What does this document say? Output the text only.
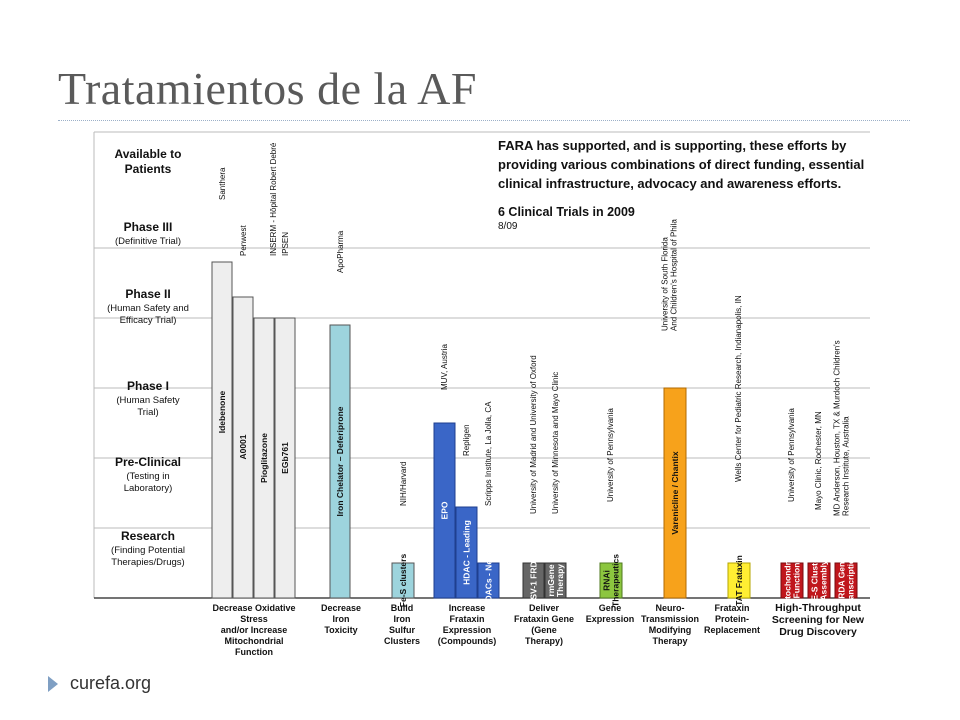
Tratamientos de la AF
Research
(Finding Potential Therapies/Drugs)
Pre-Clinical
(Testing in Laboratory)
Phase I
(Human Safety Trial)
Phase II
(Human Safety and Efficacy Trial)
Phase III
(Definitive Trial)
Available to
Patients
FARA has supported, and is supporting, these efforts by providing various combinations of direct funding, essential clinical infrastructure, advocacy and awareness efforts.
6 Clinical Trials in 2009
8/09
Idebenone
A0001 Pioglitazone EGb761	Iron Chelator – Deferiprone
Fe-S clusters
EPO
HDAC - Leading HDACs - New	HSV-1 FRDA rmGeneTherapy	RNAiTherapeutics
Varenicline / Chantix
TAT Frataxin	MitochondrialFunction FE-S ClusterAssembly FRDA GeneTranscription
Santhera
Penwest	INSERM - Hôpital Robert Debré IPSEN	ApoPharma
NIH/Harvard
MUV, Austria
Repligen Scripps Institute, La Jolla, CA	University of Madrid and University of Oxford University of Minnesota and Mayo Clinic	University of Pennsylvania
University of South FloridaAnd Children's Hospital of Phila
Wells Center for Pediatric Research, Indianapolis, IN	University of Pennsylvania Mayo Clinic, Rochester, MN MD Anderson, Houston, TX & Murdoch Children'sResearch Institute, Australia
Decrease Oxidative Stress and/or Increase Mitochondrial Function
Decrease Iron Toxicity
Build Iron Sulfur Clusters
Increase Frataxin Expression (Compounds)
Deliver Frataxin Gene (Gene Therapy)
Gene Expression
Neuro-Transmission Modifying Therapy
Frataxin Protein-Replacement
High-Throughput Screening for New Drug Discovery
curefa.org
